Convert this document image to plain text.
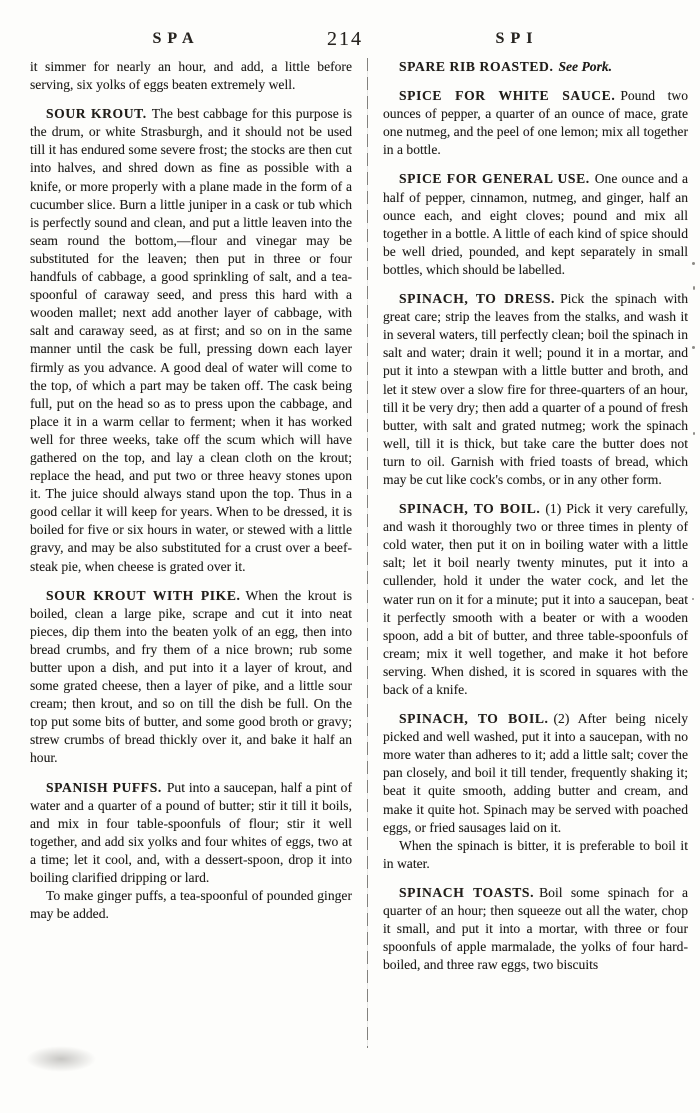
SPA	214	SPI

it simmer for nearly an hour, and add, a little before serving, six yolks of eggs beaten extremely well.

SOUR KROUT. The best cabbage for this purpose is the drum, or white Strasburgh, and it should not be used till it has endured some severe frost; the stocks are then cut into halves, and shred down as fine as possible with a knife, or more properly with a plane made in the form of a cucumber slice. Burn a little juniper in a cask or tub which is perfectly sound and clean, and put a little leaven into the seam round the bottom,—flour and vinegar may be substituted for the leaven; then put in three or four handfuls of cabbage, a good sprinkling of salt, and a tea-spoonful of caraway seed, and press this hard with a wooden mallet; next add another layer of cabbage, with salt and caraway seed, as at first; and so on in the same manner until the cask be full, pressing down each layer firmly as you advance. A good deal of water will come to the top, of which a part may be taken off. The cask being full, put on the head so as to press upon the cabbage, and place it in a warm cellar to ferment; when it has worked well for three weeks, take off the scum which will have gathered on the top, and lay a clean cloth on the krout; replace the head, and put two or three heavy stones upon it. The juice should always stand upon the top. Thus in a good cellar it will keep for years. When to be dressed, it is boiled for five or six hours in water, or stewed with a little gravy, and may be also substituted for a crust over a beef-steak pie, when cheese is grated over it.

SOUR KROUT WITH PIKE. When the krout is boiled, clean a large pike, scrape and cut it into neat pieces, dip them into the beaten yolk of an egg, then into bread crumbs, and fry them of a nice brown; rub some butter upon a dish, and put into it a layer of krout, and some grated cheese, then a layer of pike, and a little sour cream; then krout, and so on till the dish be full. On the top put some bits of butter, and some good broth or gravy; strew crumbs of bread thickly over it, and bake it half an hour.

SPANISH PUFFS. Put into a saucepan, half a pint of water and a quarter of a pound of butter; stir it till it boils, and mix in four table-spoonfuls of flour; stir it well together, and add six yolks and four whites of eggs, two at a time; let it cool, and, with a dessert-spoon, drop it into boiling clarified dripping or lard.

To make ginger puffs, a tea-spoonful of pounded ginger may be added.

SPARE RIB ROASTED. See Pork.

SPICE FOR WHITE SAUCE. Pound two ounces of pepper, a quarter of an ounce of mace, grate one nutmeg, and the peel of one lemon; mix all together in a bottle.

SPICE FOR GENERAL USE. One ounce and a half of pepper, cinnamon, nutmeg, and ginger, half an ounce each, and eight cloves; pound and mix all together in a bottle. A little of each kind of spice should be well dried, pounded, and kept separately in small bottles, which should be labelled.

SPINACH, TO DRESS. Pick the spinach with great care; strip the leaves from the stalks, and wash it in several waters, till perfectly clean; boil the spinach in salt and water; drain it well; pound it in a mortar, and put it into a stewpan with a little butter and broth, and let it stew over a slow fire for three-quarters of an hour, till it be very dry; then add a quarter of a pound of fresh butter, with salt and grated nutmeg; work the spinach well, till it is thick, but take care the butter does not turn to oil. Garnish with fried toasts of bread, which may be cut like cock's combs, or in any other form.

SPINACH, TO BOIL. (1) Pick it very carefully, and wash it thoroughly two or three times in plenty of cold water, then put it on in boiling water with a little salt; let it boil nearly twenty minutes, put it into a cullender, hold it under the water cock, and let the water run on it for a minute; put it into a saucepan, beat it perfectly smooth with a beater or with a wooden spoon, add a bit of butter, and three table-spoonfuls of cream; mix it well together, and make it hot before serving. When dished, it is scored in squares with the back of a knife.

SPINACH, TO BOIL. (2) After being nicely picked and well washed, put it into a saucepan, with no more water than adheres to it; add a little salt; cover the pan closely, and boil it till tender, frequently shaking it; beat it quite smooth, adding butter and cream, and make it quite hot. Spinach may be served with poached eggs, or fried sausages laid on it.

When the spinach is bitter, it is preferable to boil it in water.

SPINACH TOASTS. Boil some spinach for a quarter of an hour; then squeeze out all the water, chop it small, and put it into a mortar, with three or four spoonfuls of apple marmalade, the yolks of four hard-boiled, and three raw eggs, two biscuits
